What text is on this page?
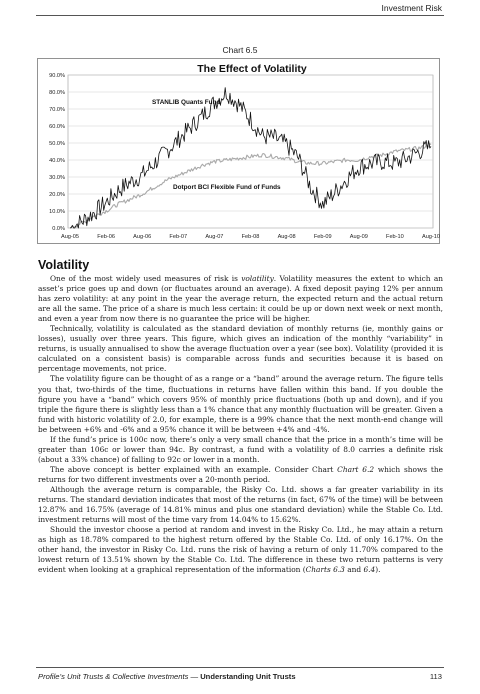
Investment Risk
Chart 6.5
0.0%
10.0%
20.0%
30.0%
40.0%
50.0%
60.0%
70.0%
80.0%
90.0%
Aug-05	Feb-06	Aug-06	Feb-07	Aug-07	Feb-08	Aug-08	Feb-09	Aug-09	Feb-10	Aug-10
The Effect of Volatility
STANLIB Quants Fund
Dotport BCI Flexible Fund of Funds
Volatility

One of the most widely used measures of risk is volatility. Volatility measures the extent to which an asset’s price goes up and down (or fluctuates around an average). A fixed deposit paying 12% per annum has zero volatility: at any point in the year the average return, the expected return and the actual return are all the same. The price of a share is much less certain: it could be up or down next week or next month, and even a year from now there is no guarantee the price will be higher.

Technically, volatility is calculated as the standard deviation of monthly returns (ie, monthly gains or losses), usually over three years. This figure, which gives an indication of the monthly “variability” in returns, is usually annualised to show the average fluctuation over a year (see box). Volatility (provided it is calculated on a consistent basis) is comparable across funds and securities because it is based on percentage movements, not price.

The volatility figure can be thought of as a range or a “band” around the average return. The figure tells you that, two-thirds of the time, fluctuations in returns have fallen within this band. If you double the figure you have a “band” which covers 95% of monthly price fluctuations (both up and down), and if you triple the figure there is slightly less than a 1% chance that any monthly fluctuation will be greater. Given a fund with historic volatility of 2.0, for example, there is a 99% chance that the next month-end change will be between +6% and -6% and a 95% chance it will be between +4% and -4%.

If the fund’s price is 100c now, there’s only a very small chance that the price in a month’s time will be greater than 106c or lower than 94c. By contrast, a fund with a volatility of 8.0 carries a definite risk (about a 33% chance) of falling to 92c or lower in a month.

The above concept is better explained with an example. Consider Chart Chart 6.2 which shows the returns for two different investments over a 20-month period.

Although the average return is comparable, the Risky Co. Ltd. shows a far greater variability in its returns. The standard deviation indicates that most of the returns (in fact, 67% of the time) will be between 12.87% and 16.75% (average of 14.81% minus and plus one standard deviation) while the Stable Co. Ltd. investment returns will most of the time vary from 14.04% to 15.62%.

Should the investor choose a period at random and invest in the Risky Co. Ltd., he may attain a return as high as 18.78% compared to the highest return offered by the Stable Co. Ltd. of only 16.17%. On the other hand, the investor in Risky Co. Ltd. runs the risk of having a return of only 11.70% compared to the lowest return of 13.51% shown by the Stable Co. Ltd. The difference in these two return patterns is very evident when looking at a graphical representation of the information (Charts 6.3 and 6.4).

Profile’s Unit Trusts & Collective Investments — Understanding Unit Trusts	113
